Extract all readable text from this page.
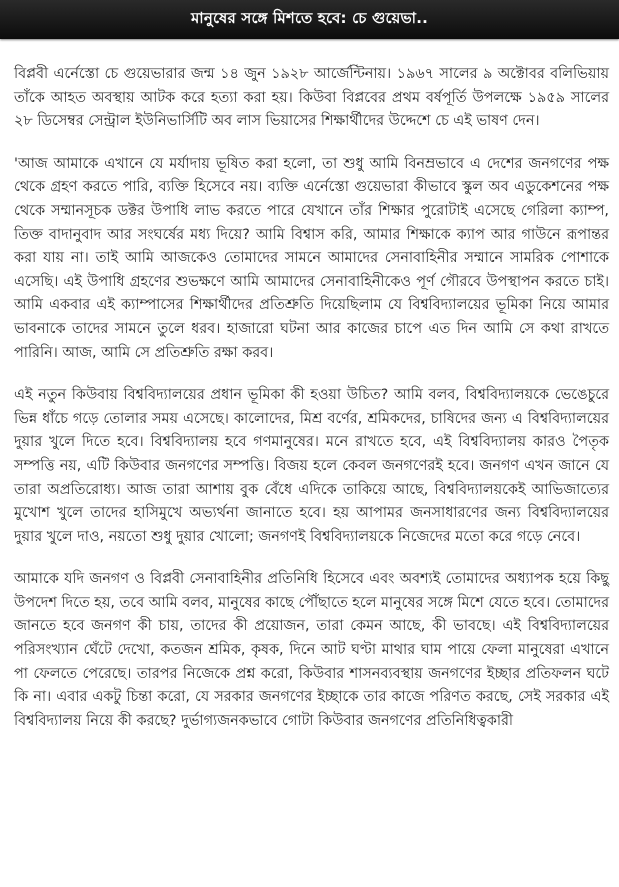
মানুষের সঙ্গে মিশতে হবে: চে গুয়েভা..

বিপ্লবী এর্নেস্তো চে গুয়েভারার জন্ম ১৪ জুন ১৯২৮ আর্জেন্টিনায়। ১৯৬৭ সালের ৯ অক্টোবর বলিভিয়ায় তাঁকে আহত অবস্থায় আটক করে হত্যা করা হয়। কিউবা বিপ্লবের প্রথম বর্ষপূর্তি উপলক্ষে ১৯৫৯ সালের ২৮ ডিসেম্বর সেন্ট্রাল ইউনিভার্সিটি অব লাস ভিয়াসের শিক্ষার্থীদের উদ্দেশে চে এই ভাষণ দেন।

'আজ আমাকে এখানে যে মর্যাদায় ভূষিত করা হলো, তা শুধু আমি বিনম্রভাবে এ দেশের জনগণের পক্ষ থেকে গ্রহণ করতে পারি, ব্যক্তি হিসেবে নয়। ব্যক্তি এর্নেস্তো গুয়েভারা কীভাবে স্কুল অব এডুকেশনের পক্ষ থেকে সম্মানসূচক ডক্টর উপাধি লাভ করতে পারে যেখানে তাঁর শিক্ষার পুরোটাই এসেছে গেরিলা ক্যাম্প, তিক্ত বাদানুবাদ আর সংঘর্ষের মধ্য দিয়ে? আমি বিশ্বাস করি, আমার শিক্ষাকে ক্যাপ আর গাউনে রূপান্তর করা যায় না। তাই আমি আজকেও তোমাদের সামনে আমাদের সেনাবাহিনীর সম্মানে সামরিক পোশাকে এসেছি। এই উপাধি গ্রহণের শুভক্ষণে আমি আমাদের সেনাবাহিনীকেও পূর্ণ গৌরবে উপস্থাপন করতে চাই। আমি একবার এই ক্যাম্পাসের শিক্ষার্থীদের প্রতিশ্রুতি দিয়েছিলাম যে বিশ্ববিদ্যালয়ের ভূমিকা নিয়ে আমার ভাবনাকে তাদের সামনে তুলে ধরব। হাজারো ঘটনা আর কাজের চাপে এত দিন আমি সে কথা রাখতে পারিনি। আজ, আমি সে প্রতিশ্রুতি রক্ষা করব।

এই নতুন কিউবায় বিশ্ববিদ্যালয়ের প্রধান ভূমিকা কী হওয়া উচিত? আমি বলব, বিশ্ববিদ্যালয়কে ভেঙেচুরে ভিন্ন ধাঁচে গড়ে তোলার সময় এসেছে। কালোদের, মিশ্র বর্ণের, শ্রমিকদের, চাষিদের জন্য এ বিশ্ববিদ্যালয়ের দুয়ার খুলে দিতে হবে। বিশ্ববিদ্যালয় হবে গণমানুষের। মনে রাখতে হবে, এই বিশ্ববিদ্যালয় কারও পৈতৃক সম্পত্তি নয়, এটি কিউবার জনগণের সম্পত্তি। বিজয় হলে কেবল জনগণেরই হবে। জনগণ এখন জানে যে তারা অপ্রতিরোধ্য। আজ তারা আশায় বুক বেঁধে এদিকে তাকিয়ে আছে, বিশ্ববিদ্যালয়কেই আভিজাত্যের মুখোশ খুলে তাদের হাসিমুখে অভ্যর্থনা জানাতে হবে। হয় আপামর জনসাধারণের জন্য বিশ্ববিদ্যালয়ের দুয়ার খুলে দাও, নয়তো শুধু দুয়ার খোলো; জনগণই বিশ্ববিদ্যালয়কে নিজেদের মতো করে গড়ে নেবে।

আমাকে যদি জনগণ ও বিপ্লবী সেনাবাহিনীর প্রতিনিধি হিসেবে এবং অবশ্যই তোমাদের অধ্যাপক হয়ে কিছু উপদেশ দিতে হয়, তবে আমি বলব, মানুষের কাছে পৌঁছাতে হলে মানুষের সঙ্গে মিশে যেতে হবে। তোমাদের জানতে হবে জনগণ কী চায়, তাদের কী প্রয়োজন, তারা কেমন আছে, কী ভাবছে। এই বিশ্ববিদ্যালয়ের পরিসংখ্যান ঘেঁটে দেখো, কতজন শ্রমিক, কৃষক, দিনে আট ঘণ্টা মাথার ঘাম পায়ে ফেলা মানুষেরা এখানে পা ফেলতে পেরেছে। তারপর নিজেকে প্রশ্ন করো, কিউবার শাসনব্যবস্থায় জনগণের ইচ্ছার প্রতিফলন ঘটে কি না। এবার একটু চিন্তা করো, যে সরকার জনগণের ইচ্ছাকে তার কাজে পরিণত করছে, সেই সরকার এই বিশ্ববিদ্যালয় নিয়ে কী করছে? দুর্ভাগ্যজনকভাবে গোটা কিউবার জনগণের প্রতিনিধিত্বকারী
